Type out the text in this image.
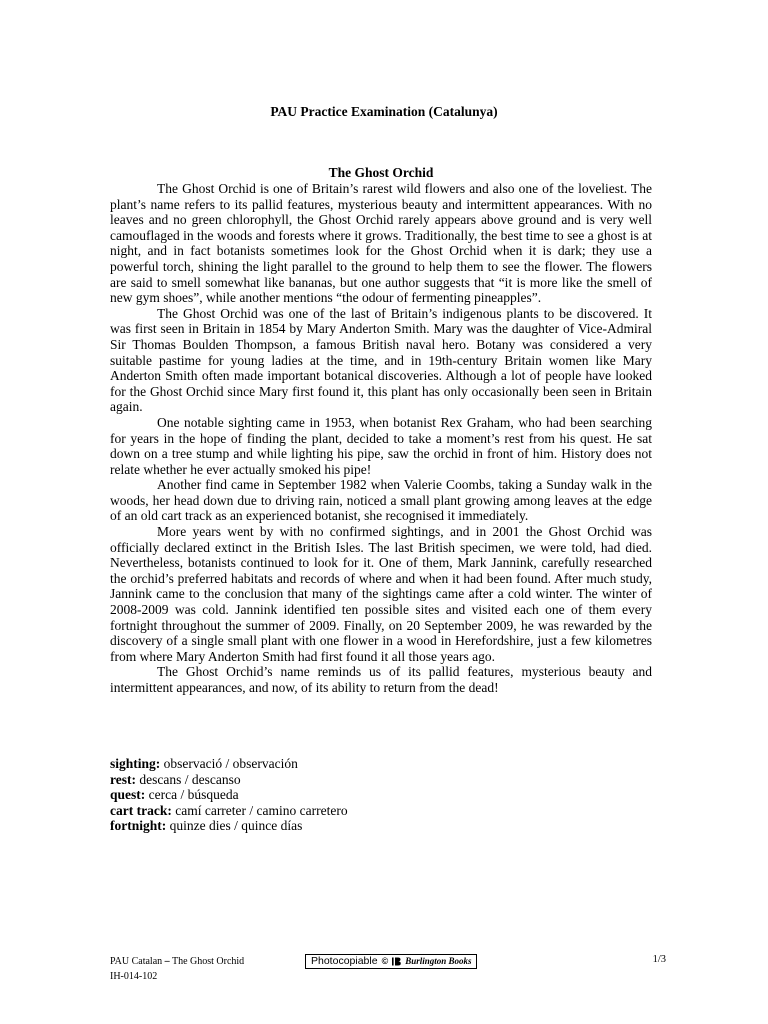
PAU Practice Examination (Catalunya)
The Ghost Orchid

The Ghost Orchid is one of Britain’s rarest wild flowers and also one of the loveliest. The plant’s name refers to its pallid features, mysterious beauty and intermittent appearances. With no leaves and no green chlorophyll, the Ghost Orchid rarely appears above ground and is very well camouflaged in the woods and forests where it grows. Traditionally, the best time to see a ghost is at night, and in fact botanists sometimes look for the Ghost Orchid when it is dark; they use a powerful torch, shining the light parallel to the ground to help them to see the flower. The flowers are said to smell somewhat like bananas, but one author suggests that “it is more like the smell of new gym shoes”, while another mentions “the odour of fermenting pineapples”.

The Ghost Orchid was one of the last of Britain’s indigenous plants to be discovered. It was first seen in Britain in 1854 by Mary Anderton Smith. Mary was the daughter of Vice-Admiral Sir Thomas Boulden Thompson, a famous British naval hero. Botany was considered a very suitable pastime for young ladies at the time, and in 19th-century Britain women like Mary Anderton Smith often made important botanical discoveries. Although a lot of people have looked for the Ghost Orchid since Mary first found it, this plant has only occasionally been seen in Britain again.

One notable sighting came in 1953, when botanist Rex Graham, who had been searching for years in the hope of finding the plant, decided to take a moment’s rest from his quest. He sat down on a tree stump and while lighting his pipe, saw the orchid in front of him. History does not relate whether he ever actually smoked his pipe!

Another find came in September 1982 when Valerie Coombs, taking a Sunday walk in the woods, her head down due to driving rain, noticed a small plant growing among leaves at the edge of an old cart track as an experienced botanist, she recognised it immediately.

More years went by with no confirmed sightings, and in 2001 the Ghost Orchid was officially declared extinct in the British Isles. The last British specimen, we were told, had died. Nevertheless, botanists continued to look for it. One of them, Mark Jannink, carefully researched the orchid’s preferred habitats and records of where and when it had been found. After much study, Jannink came to the conclusion that many of the sightings came after a cold winter. The winter of 2008-2009 was cold. Jannink identified ten possible sites and visited each one of them every fortnight throughout the summer of 2009. Finally, on 20 September 2009, he was rewarded by the discovery of a single small plant with one flower in a wood in Herefordshire, just a few kilometres from where Mary Anderton Smith had first found it all those years ago.

The Ghost Orchid’s name reminds us of its pallid features, mysterious beauty and intermittent appearances, and now, of its ability to return from the dead!

sighting: observació / observación

rest: descans / descanso

quest: cerca / búsqueda

cart track: camí carreter / camino carretero

fortnight: quinze dies / quince días

PAU Catalan – The Ghost Orchid
IH-014-102
Photocopiable © Burlington Books	1/3
